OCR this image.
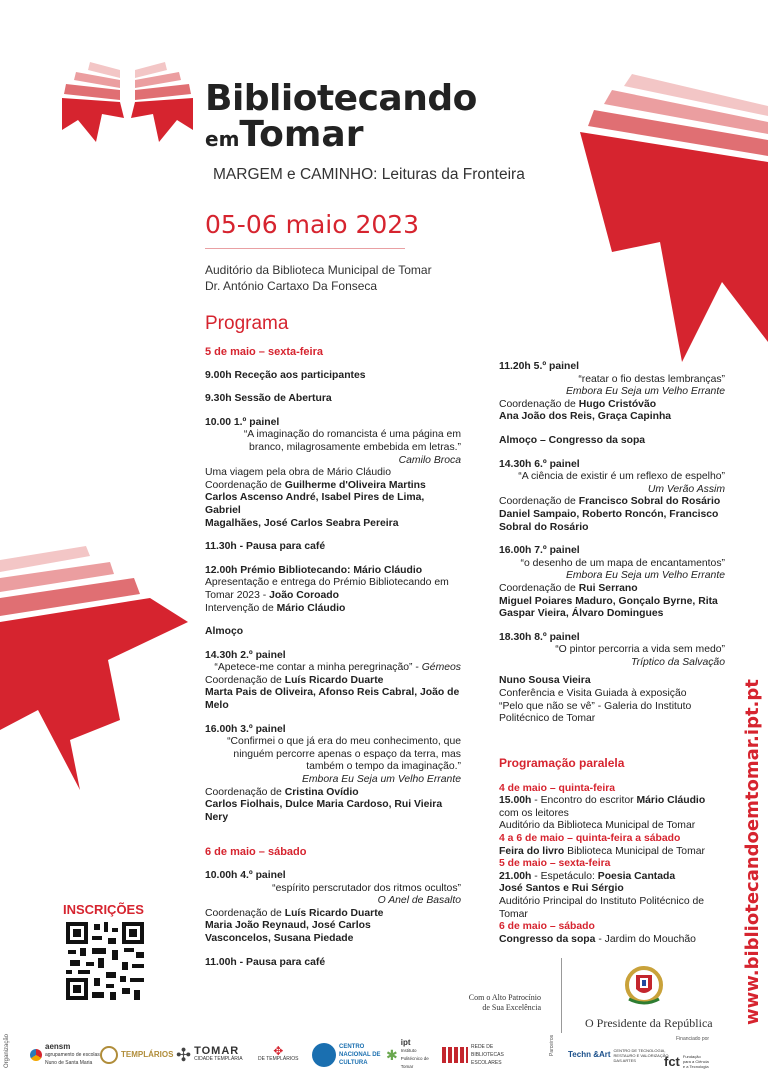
Bibliotecando
emTomar
MARGEM e CAMINHO: Leituras da Fronteira
05-06 maio 2023
Auditório da Biblioteca Municipal de Tomar
Dr. António Cartaxo Da Fonseca
Programa
5 de maio – sexta-feira
9.00h Receção aos participantes
9.30h Sessão de Abertura
10.00 1.º painel
“A imaginação do romancista é uma página em
branco, milagrosamente embebida em letras.”
Camilo Broca
Uma viagem pela obra de Mário Cláudio
Coordenação de Guilherme d'Oliveira Martins
Carlos Ascenso André, Isabel Pires de Lima, Gabriel
Magalhães, José Carlos Seabra Pereira
11.30h - Pausa para café
12.00h Prémio Bibliotecando: Mário Cláudio
Apresentação e entrega do Prémio Bibliotecando em
Tomar 2023 - João Coroado
Intervenção de Mário Cláudio
Almoço
14.30h 2.º painel
“Apetece-me contar a minha peregrinação” - Gémeos
Coordenação de Luís Ricardo Duarte
Marta Pais de Oliveira, Afonso Reis Cabral, João de
Melo
16.00h 3.º painel
“Confirmei o que já era do meu conhecimento, que
ninguém percorre apenas o espaço da terra, mas
também o tempo da imaginação.”
Embora Eu Seja um Velho Errante
Coordenação de Cristina Ovídio
Carlos Fiolhais, Dulce Maria Cardoso, Rui Vieira Nery
6 de maio – sábado
10.00h 4.º painel
“espírito perscrutador dos ritmos ocultos”
O Anel de Basalto
Coordenação de Luís Ricardo Duarte
Maria João Reynaud, José Carlos
Vasconcelos, Susana Piedade
11.00h - Pausa para café
11.20h 5.º painel
“reatar o fio destas lembranças”
Embora Eu Seja um Velho Errante
Coordenação de Hugo Cristóvão
Ana João dos Reis, Graça Capinha
Almoço – Congresso da sopa
14.30h 6.º painel
“A ciência de existir é um reflexo de espelho”
Um Verão Assim
Coordenação de Francisco Sobral do Rosário
Daniel Sampaio, Roberto Roncón, Francisco
Sobral do Rosário
16.00h 7.º painel
“o desenho de um mapa de encantamentos”
Embora Eu Seja um Velho Errante
Coordenação de Rui Serrano
Miguel Poiares Maduro, Gonçalo Byrne, Rita
Gaspar Vieira, Álvaro Domingues
18.30h 8.º painel
“O pintor percorria a vida sem medo”
Tríptico da Salvação
Nuno Sousa Vieira
Conferência e Visita Guiada à exposição
“Pelo que não se vê” - Galeria do Instituto
Politécnico de Tomar
Programação paralela
4 de maio – quinta-feira
15.00h - Encontro do escritor Mário Cláudio
com os leitores
Auditório da Biblioteca Municipal de Tomar
4 a 6 de maio – quinta-feira a sábado
Feira do livro Biblioteca Municipal de Tomar
5 de maio – sexta-feira
21.00h - Espetáculo: Poesia Cantada
José Santos e Rui Sérgio
Auditório Principal do Instituto Politécnico de
Tomar
6 de maio – sábado
Congresso da sopa - Jardim do Mouchão
INSCRIÇÕES	www.bibliotecandoemtomar.ipt.pt
Com o Alto Patrocínio
de Sua Excelência
O Presidente da República
Organização	aensm
agrupamento de escolas Nuno de Santa Maria
TEMPLÁRIOS ✣ TOMAR
CIDADE TEMPLÁRIA
✥
DE TEMPLÁRIOS
CENTRO NACIONAL DE CULTURA
✱
ipt
Instituto Politécnico de Tomar
REDE DE BIBLIOTECAS ESCOLARES
Parceiros Techn &Art CENTRO DE TECNOLOGIA, RESTAURO E VALORIZAÇÃO DAS ARTES
Financiado por
fct Fundação para a Ciência e a Tecnologia
